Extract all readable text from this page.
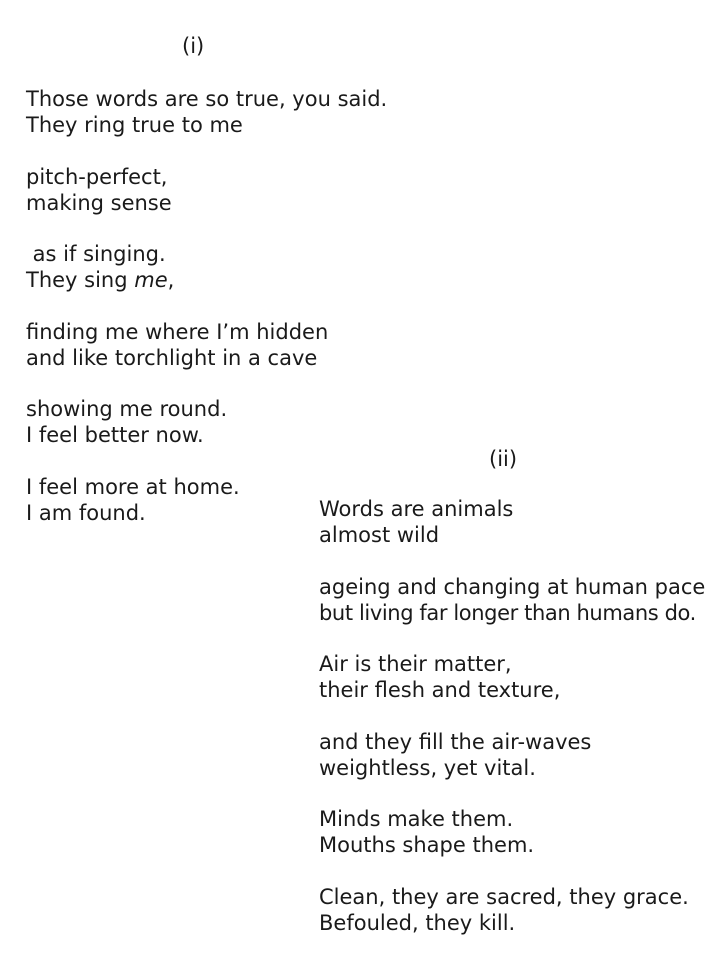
(i)
Those words are so true, you said.
They ring true to me
pitch-perfect,
making sense
as if singing.
They sing me,
finding me where I’m hidden
and like torchlight in a cave
showing me round.
I feel better now.
I feel more at home.
I am found.
(ii)
Words are animals
almost wild
ageing and changing at human pace
but living far longer than humans do.
Air is their matter,
their flesh and texture,
and they fill the air-waves
weightless, yet vital.
Minds make them.
Mouths shape them.
Clean, they are sacred, they grace.
Befouled, they kill.
